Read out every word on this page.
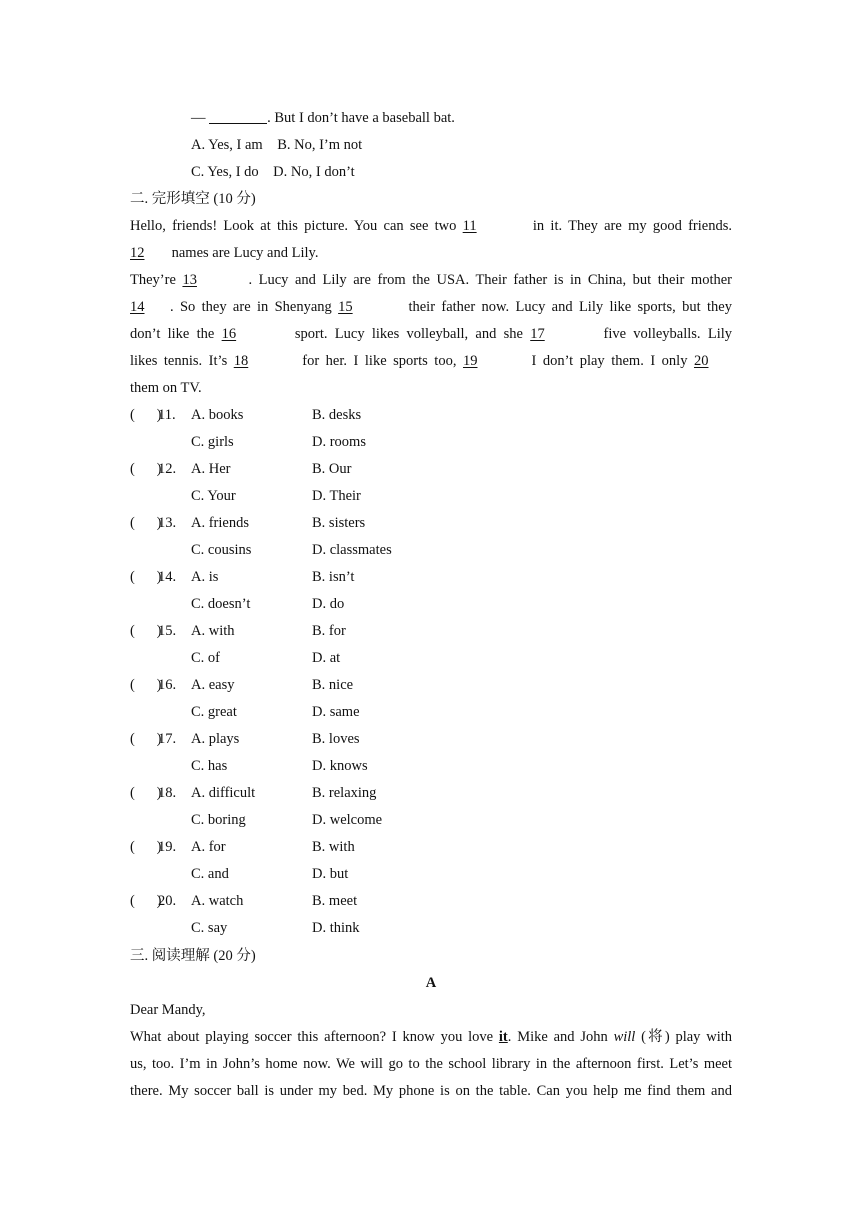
—	. But I don’t have a baseball bat.
A. Yes, I am    B. No, I’m not
C. Yes, I do    D. No, I don’t
二. 完形填空 (10 分)
Hello, friends! Look at this picture. You can see two 11	in it. They are my good friends.
12 names are Lucy and Lily.
They’re 13	. Lucy and Lily are from the USA. Their father is in China, but their mother
14 . So they are in Shenyang 15	their father now. Lucy and Lily like sports, but they
don’t like the 16	sport. Lucy likes volleyball, and she 17	five volleyballs. Lily
likes tennis. It’s 18	for her. I like sports too, 19	I don’t play them. I only 20
them on TV.
(      )
11. A. books	B. desks
C. girls	D. rooms
(      )
12. A. Her	B. Our
C. Your	D. Their
(      )
13. A. friends	B. sisters
C. cousins	D. classmates
(      )
14. A. is	B. isn’t
C. doesn’t	D. do
(      )
15. A. with	B. for
C. of	D. at
(      )
16. A. easy	B. nice
C. great	D. same
(      )
17. A. plays	B. loves
C. has	D. knows
(      )
18. A. difficult	B. relaxing
C. boring	D. welcome
(      )
19. A. for	B. with
C. and	D. but
(      )
20. A. watch	B. meet
C. say	D. think
三. 阅读理解 (20 分)
A
Dear Mandy,
What about playing soccer this afternoon? I know you love it. Mike and John will (将) play with
us, too. I’m in John’s home now. We will go to the school library in the afternoon first. Let’s meet
there. My soccer ball is under my bed. My phone is on the table. Can you help me find them and
